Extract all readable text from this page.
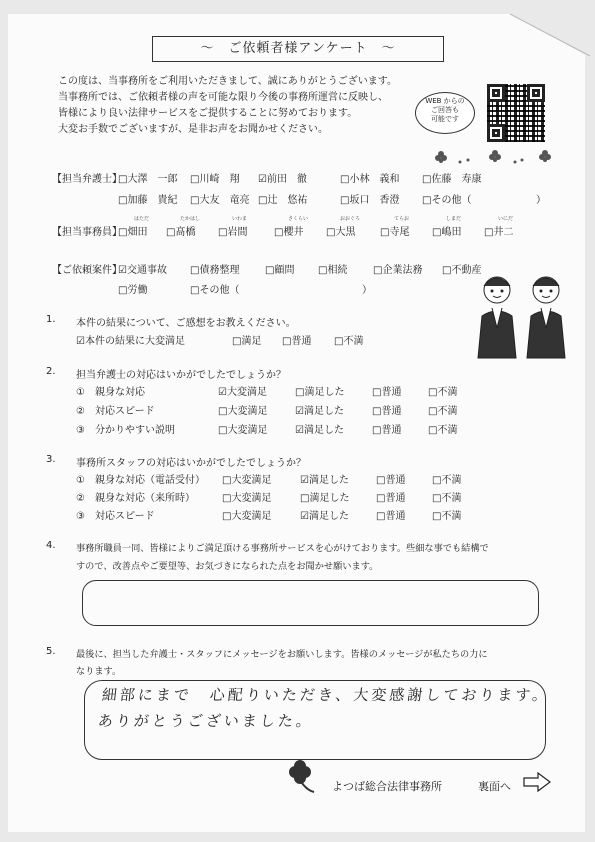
〜　ご依頼者様アンケート　〜
この度は、当事務所をご利用いただきまして、誠にありがとうございます。
当事務所では、ご依頼者様の声を可能な限り今後の事務所運営に反映し、
皆様により良い法律サービスをご提供することに努めております。
大変お手数でございますが、是非お声をお聞かせください。
WEB からの
ご回答も
可能です
【担当弁護士】
□大澤　一郎 □川崎　翔 ☑前田　徹	□小林　義和 □佐藤　寿康
□加藤　貴紀 □大友　竜亮 □辻　悠祐	□坂口　香澄 □その他（	）
【担当事務員】
はただ	たかはし	いわま	さくらい	おおぐろ	てらお	しまだ	いにだ
□畑田 □髙橋 □岩間	□櫻井 □大黒 □寺尾 □嶋田 □井二
【ご依頼案件】
☑交通事故 □債務整理	□顧問 □相続	□企業法務 □不動産
□労働	□その他（	）
1. 本件の結果について、ご感想をお教えください。
☑本件の結果に大変満足	□満足 □普通 □不満
2. 担当弁護士の対応はいかがでしたでしょうか？
①　親身な対応	☑大変満足	□満足した	□普通	□不満
②　対応スピード	□大変満足	☑満足した	□普通	□不満
③　分かりやすい説明	□大変満足	☑満足した	□普通	□不満
3. 事務所スタッフの対応はいかがでしたでしょうか？
①　親身な対応（電話受付） □大変満足	☑満足した	□普通	□不満
②　親身な対応（来所時）	□大変満足	□満足した	□普通	□不満
③　対応スピード	□大変満足	☑満足した	□普通	□不満
4. 事務所職員一同、皆様によりご満足頂ける事務所サービスを心がけております。些細な事でも結構で
すので、改善点やご要望等、お気づきになられた点をお聞かせ願います。
5. 最後に、担当した弁護士・スタッフにメッセージをお願いします。皆様のメッセージが私たちの力に
なります。
細部にまで　心配りいただき、大変感謝しております。
ありがとうございました。
よつば総合法律事務所	裏面へ
